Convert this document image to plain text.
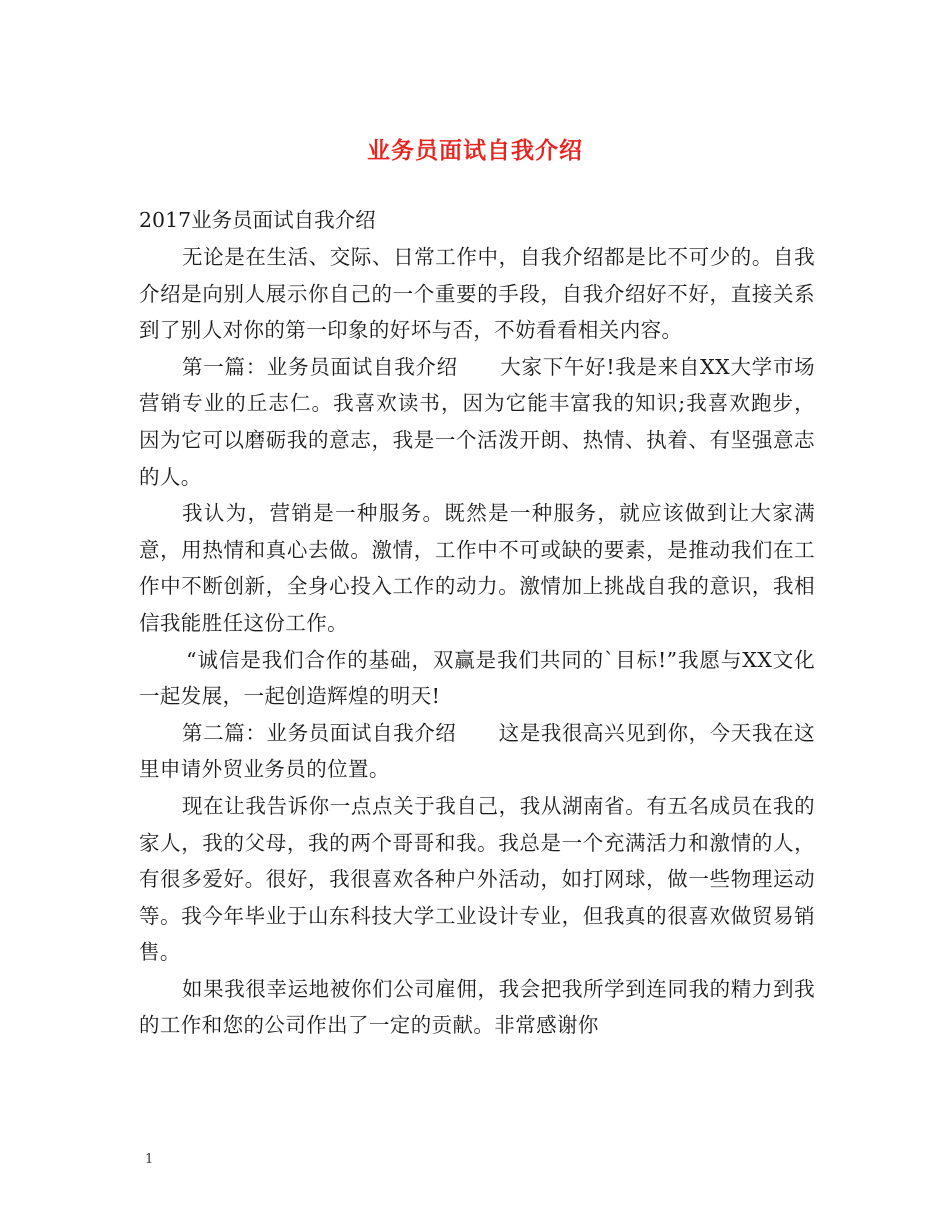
业务员面试自我介绍

2017业务员面试自我介绍

无论是在生活、交际、日常工作中，自我介绍都是比不可少的。自我介绍是向别人展示你自己的一个重要的手段，自我介绍好不好，直接关系到了别人对你的第一印象的好坏与否，不妨看看相关内容。

第一篇：业务员面试自我介绍　　大家下午好!我是来自XX大学市场营销专业的丘志仁。我喜欢读书，因为它能丰富我的知识;我喜欢跑步，因为它可以磨砺我的意志，我是一个活泼开朗、热情、执着、有坚强意志的人。

我认为，营销是一种服务。既然是一种服务，就应该做到让大家满意，用热情和真心去做。激情，工作中不可或缺的要素，是推动我们在工作中不断创新，全身心投入工作的动力。激情加上挑战自我的意识，我相信我能胜任这份工作。

“诚信是我们合作的基础，双赢是我们共同的`目标!”我愿与XX文化一起发展，一起创造辉煌的明天!

第二篇：业务员面试自我介绍　　这是我很高兴见到你，今天我在这里申请外贸业务员的位置。

现在让我告诉你一点点关于我自己，我从湖南省。有五名成员在我的家人，我的父母，我的两个哥哥和我。我总是一个充满活力和激情的人，有很多爱好。很好，我很喜欢各种户外活动，如打网球，做一些物理运动等。我今年毕业于山东科技大学工业设计专业，但我真的很喜欢做贸易销售。

如果我很幸运地被你们公司雇佣，我会把我所学到连同我的精力到我的工作和您的公司作出了一定的贡献。非常感谢你

1
